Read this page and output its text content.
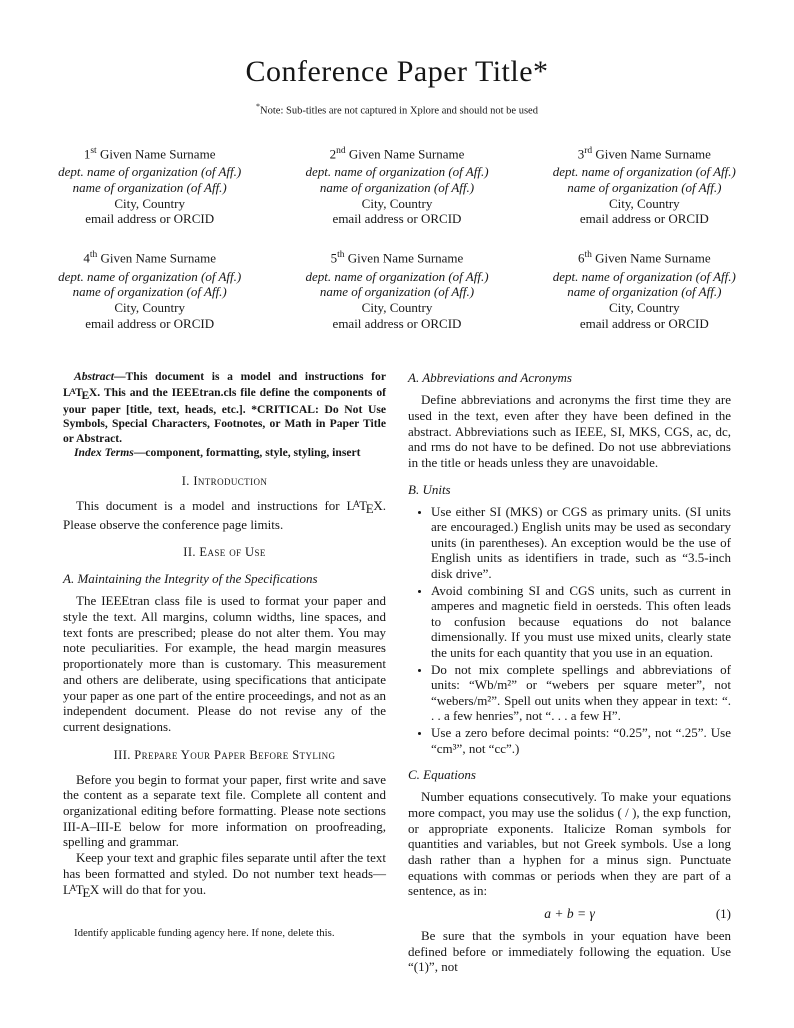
Conference Paper Title*
*Note: Sub-titles are not captured in Xplore and should not be used
1st Given Name Surname
dept. name of organization (of Aff.)
name of organization (of Aff.)
City, Country
email address or ORCID
2nd Given Name Surname
dept. name of organization (of Aff.)
name of organization (of Aff.)
City, Country
email address or ORCID
3rd Given Name Surname
dept. name of organization (of Aff.)
name of organization (of Aff.)
City, Country
email address or ORCID
4th Given Name Surname
dept. name of organization (of Aff.)
name of organization (of Aff.)
City, Country
email address or ORCID
5th Given Name Surname
dept. name of organization (of Aff.)
name of organization (of Aff.)
City, Country
email address or ORCID
6th Given Name Surname
dept. name of organization (of Aff.)
name of organization (of Aff.)
City, Country
email address or ORCID

Abstract—This document is a model and instructions for LATEX. This and the IEEEtran.cls file define the components of your paper [title, text, heads, etc.]. *CRITICAL: Do Not Use Symbols, Special Characters, Footnotes, or Math in Paper Title or Abstract.

Index Terms—component, formatting, style, styling, insert

I. Introduction

This document is a model and instructions for LATEX. Please observe the conference page limits.

II. Ease of Use
A. Maintaining the Integrity of the Specifications

The IEEEtran class file is used to format your paper and style the text. All margins, column widths, line spaces, and text fonts are prescribed; please do not alter them. You may note peculiarities. For example, the head margin measures proportionately more than is customary. This measurement and others are deliberate, using specifications that anticipate your paper as one part of the entire proceedings, and not as an independent document. Please do not revise any of the current designations.

III. Prepare Your Paper Before Styling

Before you begin to format your paper, first write and save the content as a separate text file. Complete all content and organizational editing before formatting. Please note sections III-A–III-E below for more information on proofreading, spelling and grammar.

Keep your text and graphic files separate until after the text has been formatted and styled. Do not number text heads—LATEX will do that for you.

Identify applicable funding agency here. If none, delete this.

A. Abbreviations and Acronyms

Define abbreviations and acronyms the first time they are used in the text, even after they have been defined in the abstract. Abbreviations such as IEEE, SI, MKS, CGS, ac, dc, and rms do not have to be defined. Do not use abbreviations in the title or heads unless they are unavoidable.

B. Units
• Use either SI (MKS) or CGS as primary units. (SI units are encouraged.) English units may be used as secondary units (in parentheses). An exception would be the use of English units as identifiers in trade, such as “3.5-inch disk drive”.
• Avoid combining SI and CGS units, such as current in amperes and magnetic field in oersteds. This often leads to confusion because equations do not balance dimensionally. If you must use mixed units, clearly state the units for each quantity that you use in an equation.
• Do not mix complete spellings and abbreviations of units: “Wb/m²” or “webers per square meter”, not “webers/m²”. Spell out units when they appear in text: “. . . a few henries”, not “. . . a few H”.
• Use a zero before decimal points: “0.25”, not “.25”. Use “cm³”, not “cc”.)
C. Equations

Number equations consecutively. To make your equations more compact, you may use the solidus ( / ), the exp function, or appropriate exponents. Italicize Roman symbols for quantities and variables, but not Greek symbols. Use a long dash rather than a hyphen for a minus sign. Punctuate equations with commas or periods when they are part of a sentence, as in:

a + b = γ	(1)

Be sure that the symbols in your equation have been defined before or immediately following the equation. Use “(1)”, not
